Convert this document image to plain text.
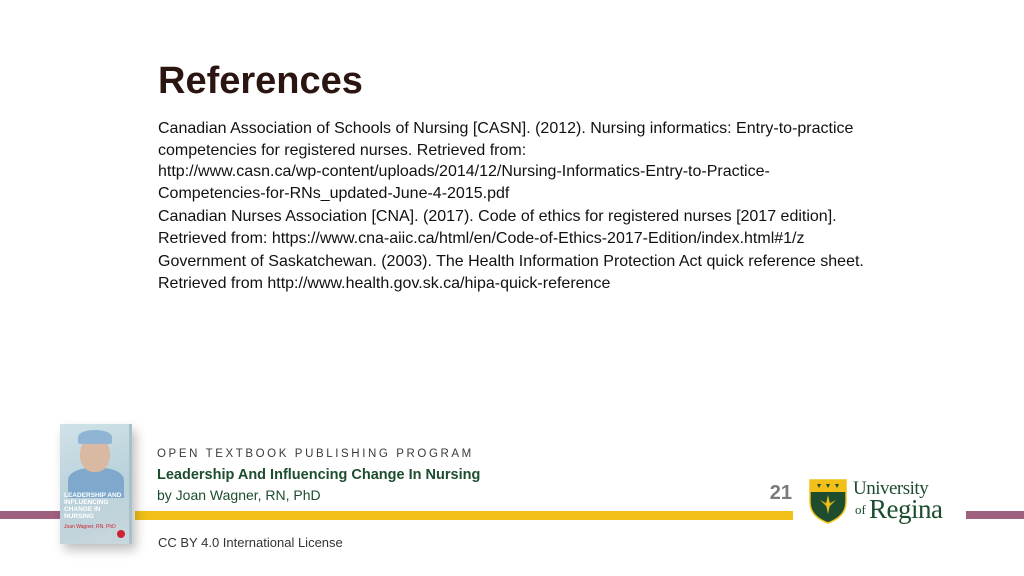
References

Canadian Association of Schools of Nursing [CASN]. (2012). Nursing informatics: Entry-to-practice
competencies for registered nurses. Retrieved from:
http://www.casn.ca/wp-content/uploads/2014/12/Nursing-Informatics-Entry-to-Practice-
Competencies-for-RNs_updated-June-4-2015.pdf

Canadian Nurses Association [CNA]. (2017). Code of ethics for registered nurses [2017 edition].
Retrieved from: https://www.cna-aiic.ca/html/en/Code-of-Ethics-2017-Edition/index.html#1/z

Government of Saskatchewan. (2003). The Health Information Protection Act quick reference sheet.
Retrieved from http://www.health.gov.sk.ca/hipa-quick-reference

LEADERSHIP AND INFLUENCING CHANGE IN NURSING
Joan Wagner, RN, PhD
OPEN TEXTBOOK PUBLISHING PROGRAM
Leadership And Influencing Change In Nursing
by Joan Wagner, RN, PhD	21	University
of Regina
CC BY 4.0 International License
